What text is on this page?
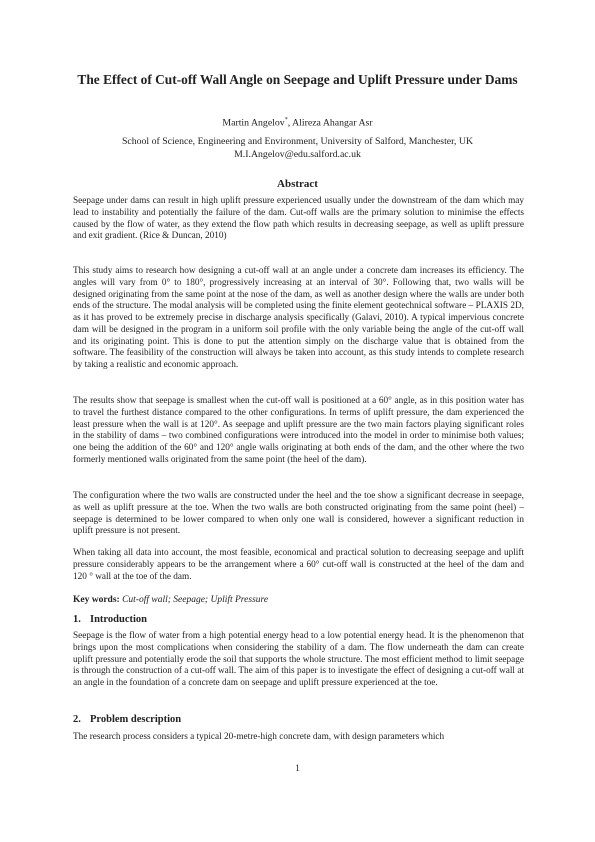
The Effect of Cut-off Wall Angle on Seepage and Uplift Pressure under Dams
Martin Angelov*, Alireza Ahangar Asr
School of Science, Engineering and Environment, University of Salford, Manchester, UK
M.I.Angelov@edu.salford.ac.uk
Abstract

Seepage under dams can result in high uplift pressure experienced usually under the downstream of the dam which may lead to instability and potentially the failure of the dam. Cut-off walls are the primary solution to minimise the effects caused by the flow of water, as they extend the flow path which results in decreasing seepage, as well as uplift pressure and exit gradient. (Rice & Duncan, 2010)

This study aims to research how designing a cut-off wall at an angle under a concrete dam increases its efficiency. The angles will vary from 0° to 180°, progressively increasing at an interval of 30°. Following that, two walls will be designed originating from the same point at the nose of the dam, as well as another design where the walls are under both ends of the structure. The modal analysis will be completed using the finite element geotechnical software – PLAXIS 2D, as it has proved to be extremely precise in discharge analysis specifically (Galavi, 2010). A typical impervious concrete dam will be designed in the program in a uniform soil profile with the only variable being the angle of the cut-off wall and its originating point. This is done to put the attention simply on the discharge value that is obtained from the software. The feasibility of the construction will always be taken into account, as this study intends to complete research by taking a realistic and economic approach.

The results show that seepage is smallest when the cut-off wall is positioned at a 60° angle, as in this position water has to travel the furthest distance compared to the other configurations. In terms of uplift pressure, the dam experienced the least pressure when the wall is at 120°. As seepage and uplift pressure are the two main factors playing significant roles in the stability of dams – two combined configurations were introduced into the model in order to minimise both values; one being the addition of the 60° and 120° angle walls originating at both ends of the dam, and the other where the two formerly mentioned walls originated from the same point (the heel of the dam).

The configuration where the two walls are constructed under the heel and the toe show a significant decrease in seepage, as well as uplift pressure at the toe. When the two walls are both constructed originating from the same point (heel) – seepage is determined to be lower compared to when only one wall is considered, however a significant reduction in uplift pressure is not present.

When taking all data into account, the most feasible, economical and practical solution to decreasing seepage and uplift pressure considerably appears to be the arrangement where a 60° cut-off wall is constructed at the heel of the dam and 120 ° wall at the toe of the dam.

Key words: Cut-off wall; Seepage; Uplift Pressure
1. Introduction

Seepage is the flow of water from a high potential energy head to a low potential energy head. It is the phenomenon that brings upon the most complications when considering the stability of a dam. The flow underneath the dam can create uplift pressure and potentially erode the soil that supports the whole structure. The most efficient method to limit seepage is through the construction of a cut-off wall. The aim of this paper is to investigate the effect of designing a cut-off wall at an angle in the foundation of a concrete dam on seepage and uplift pressure experienced at the toe.

2. Problem description

The research process considers a typical 20-metre-high concrete dam, with design parameters which

1
